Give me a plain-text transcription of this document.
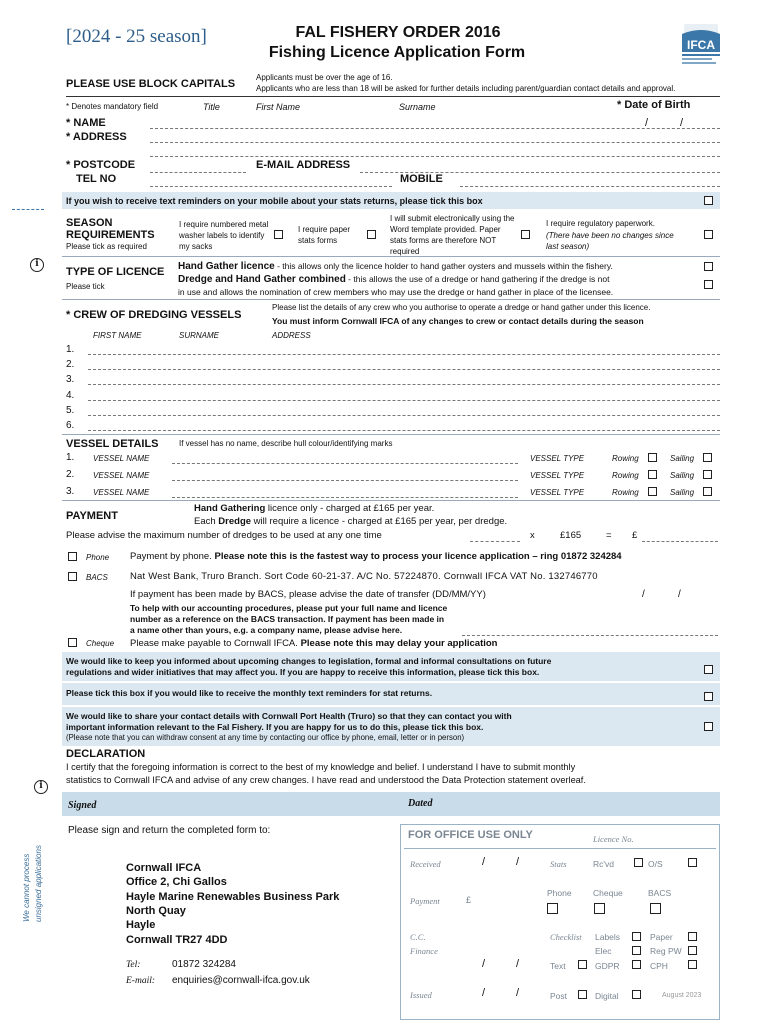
[2024 - 25 season]	FAL FISHERY ORDER 2016
Fishing Licence Application Form	IFCA
PLEASE USE BLOCK CAPITALS
Applicants must be over the age of 16.
Applicants who are less than 18 will be asked for further details including parent/guardian contact details and approval.
* Denotes mandatory field	Title	First Name	Surname	* Date of Birth
* NAME	/	/
* ADDRESS
* POSTCODE	E-MAIL ADDRESS
TEL NO	MOBILE
If you wish to receive text reminders on your mobile about your stats returns, please tick this box
SEASON
REQUIREMENTS
Please tick as required
I require numbered metal washer labels to identify my sacks
I require paper stats forms
I will submit electronically using the Word template provided. Paper stats forms are therefore NOT required
I require regulatory paperwork.
(There have been no changes since last season)
i
TYPE OF LICENCE
Please tick
Hand Gather licence - this allows only the licence holder to hand gather oysters and mussels within the fishery.
Dredge and Hand Gather combined - this allows the use of a dredge or hand gathering if the dredge is not
in use and allows the nomination of crew members who may use the dredge or hand gather in place of the licensee.
* CREW OF DREDGING VESSELS
Please list the details of any crew who you authorise to operate a dredge or hand gather under this licence.
You must inform Cornwall IFCA of any changes to crew or contact details during the season
FIRST NAME	SURNAME	ADDRESS
1.
2.
3.
4.
5.
6.
VESSEL DETAILS	If vessel has no name, describe hull colour/identifying marks
1. VESSEL NAME	VESSEL TYPE	Rowing	Sailing
2. VESSEL NAME	VESSEL TYPE	Rowing	Sailing
3. VESSEL NAME	VESSEL TYPE	Rowing	Sailing
PAYMENT
Hand Gathering licence only - charged at £165 per year.
Each Dredge will require a licence - charged at £165 per year, per dredge.
Please advise the maximum number of dredges to be used at any one time	x	£165	= £
Phone Payment by phone. Please note this is the fastest way to process your licence application – ring 01872 324284
BACS Nat West Bank, Truro Branch. Sort Code 60-21-37. A/C No. 57224870. Cornwall IFCA VAT No. 132746770
If payment has been made by BACS, please advise the date of transfer (DD/MM/YY)	/	/
To help with our accounting procedures, please put your full name and licence
number as a reference on the BACS transaction. If payment has been made in
a name other than yours, e.g. a company name, please advise here.
Cheque Please make payable to Cornwall IFCA. Please note this may delay your application
We would like to keep you informed about upcoming changes to legislation, formal and informal consultations on future
regulations and wider initiatives that may affect you. If you are happy to receive this information, please tick this box.
Please tick this box if you would like to receive the monthly text reminders for stat returns.
We would like to share your contact details with Cornwall Port Health (Truro) so that they can contact you with
important information relevant to the Fal Fishery. If you are happy for us to do this, please tick this box.
(Please note that you can withdraw consent at any time by contacting our office by phone, email, letter or in person)
DECLARATION
I certify that the foregoing information is correct to the best of my knowledge and belief. I understand I have to submit monthly
statistics to Cornwall IFCA and advise of any crew changes. I have read and understood the Data Protection statement overleaf.
i
Signed	Dated
We cannot process unsigned applications
Please sign and return the completed form to:
Cornwall IFCA
Office 2, Chi Gallos
Hayle Marine Renewables Business Park
North Quay
Hayle
Cornwall TR27 4DD
Tel:	01872 324284
E-mail: enquiries@cornwall-ifca.gov.uk
FOR OFFICE USE ONLY	Licence No.
Received	/	/	Stats	Rc'vd	O/S
Phone	Cheque	BACS
Payment	£
C.C.
Finance
Checklist Labels	Paper
Elec	Reg PW
/	/	Text	GDPR	CPH
Issued	/	/	Post	Digital	August 2023
